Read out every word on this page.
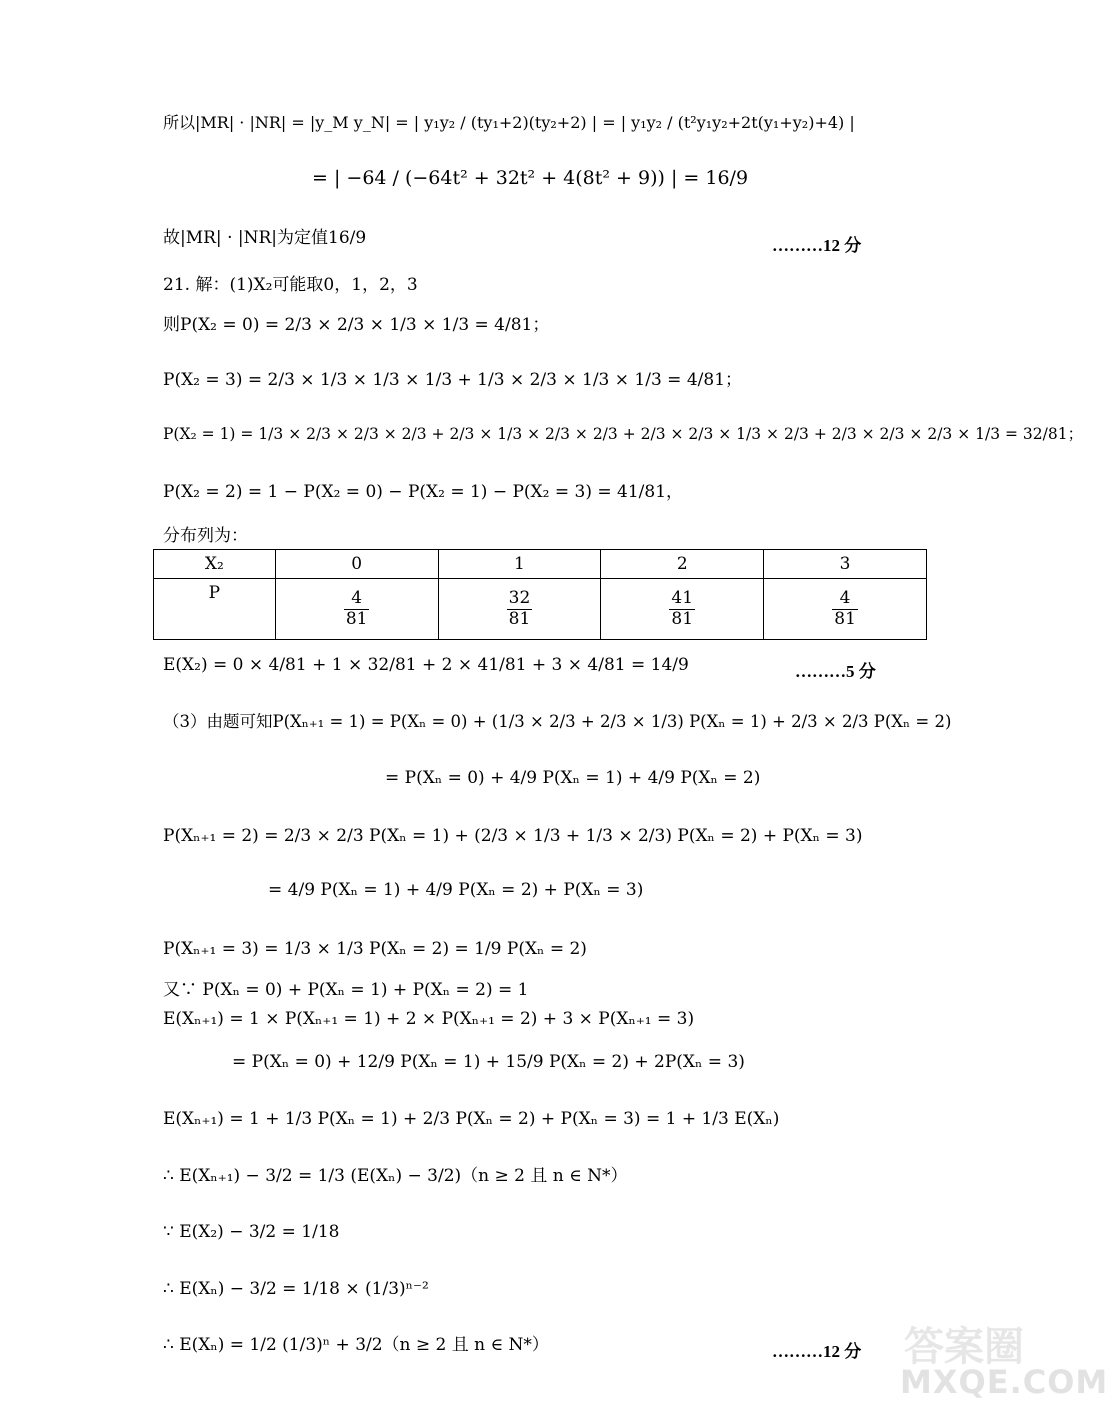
所以|MR| · |NR| = |y_M y_N| = | y₁y₂ / (ty₁+2)(ty₂+2) | = | y₁y₂ / (t²y₁y₂+2t(y₁+y₂)+4) |
= | −64 / (−64t² + 32t² + 4(8t² + 9)) | = 16/9
故|MR| · |NR|为定值16/9	………12 分
21. 解：(1)X₂可能取0，1，2，3
则P(X₂ = 0) = 2/3 × 2/3 × 1/3 × 1/3 = 4/81；
P(X₂ = 3) = 2/3 × 1/3 × 1/3 × 1/3 + 1/3 × 2/3 × 1/3 × 1/3 = 4/81；
P(X₂ = 1) = 1/3 × 2/3 × 2/3 × 2/3 + 2/3 × 1/3 × 2/3 × 2/3 + 2/3 × 2/3 × 1/3 × 2/3 + 2/3 × 2/3 × 2/3 × 1/3 = 32/81；
P(X₂ = 2) = 1 − P(X₂ = 0) − P(X₂ = 1) − P(X₂ = 3) = 41/81，
分布列为：
X₂	0	1	2	3
P	$\frac{4}{81}$	$\frac{32}{81}$	$\frac{41}{81}$	$\frac{4}{81}$
E(X₂) = 0 × 4/81 + 1 × 32/81 + 2 × 41/81 + 3 × 4/81 = 14/9	………5 分
（3）由题可知P(Xₙ₊₁ = 1) = P(Xₙ = 0) + (1/3 × 2/3 + 2/3 × 1/3) P(Xₙ = 1) + 2/3 × 2/3 P(Xₙ = 2)
= P(Xₙ = 0) + 4/9 P(Xₙ = 1) + 4/9 P(Xₙ = 2)
P(Xₙ₊₁ = 2) = 2/3 × 2/3 P(Xₙ = 1) + (2/3 × 1/3 + 1/3 × 2/3) P(Xₙ = 2) + P(Xₙ = 3)
= 4/9 P(Xₙ = 1) + 4/9 P(Xₙ = 2) + P(Xₙ = 3)
P(Xₙ₊₁ = 3) = 1/3 × 1/3 P(Xₙ = 2) = 1/9 P(Xₙ = 2)
又∵ P(Xₙ = 0) + P(Xₙ = 1) + P(Xₙ = 2) = 1
E(Xₙ₊₁) = 1 × P(Xₙ₊₁ = 1) + 2 × P(Xₙ₊₁ = 2) + 3 × P(Xₙ₊₁ = 3)
= P(Xₙ = 0) + 12/9 P(Xₙ = 1) + 15/9 P(Xₙ = 2) + 2P(Xₙ = 3)
E(Xₙ₊₁) = 1 + 1/3 P(Xₙ = 1) + 2/3 P(Xₙ = 2) + P(Xₙ = 3) = 1 + 1/3 E(Xₙ)
∴ E(Xₙ₊₁) − 3/2 = 1/3 (E(Xₙ) − 3/2)（n ≥ 2 且 n ∈ N*）
∵ E(X₂) − 3/2 = 1/18
∴ E(Xₙ) − 3/2 = 1/18 × (1/3)ⁿ⁻²
∴ E(Xₙ) = 1/2 (1/3)ⁿ + 3/2（n ≥ 2 且 n ∈ N*）	………12 分 答案圈
MXQE.COM
